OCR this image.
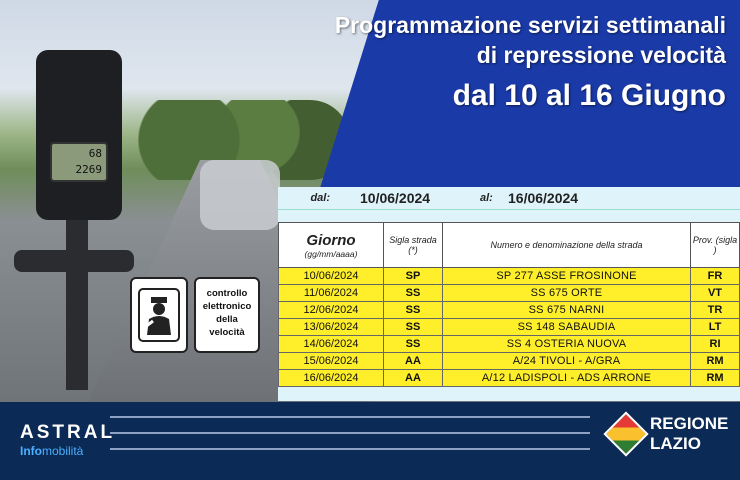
68
2269
Programmazione servizi settimanali
di repressione velocità
dal 10 al 16 Giugno
controllo
elettronico
della
velocità
dal:	10/06/2024	al:	16/06/2024
Giorno
(gg/mm/aaaa)	Sigla strada (*)	Numero e denominazione della strada	Prov. (sigla )
10/06/2024	SP	SP 277 ASSE FROSINONE	FR
11/06/2024	SS	SS 675 ORTE	VT
12/06/2024	SS	SS 675 NARNI	TR
13/06/2024	SS	SS 148 SABAUDIA	LT
14/06/2024	SS	SS 4 OSTERIA NUOVA	RI
15/06/2024	AA	A/24 TIVOLI - A/GRA	RM
16/06/2024	AA	A/12 LADISPOLI - ADS ARRONE	RM
ASTRAL
Infomobilità
REGIONE
LAZIO
